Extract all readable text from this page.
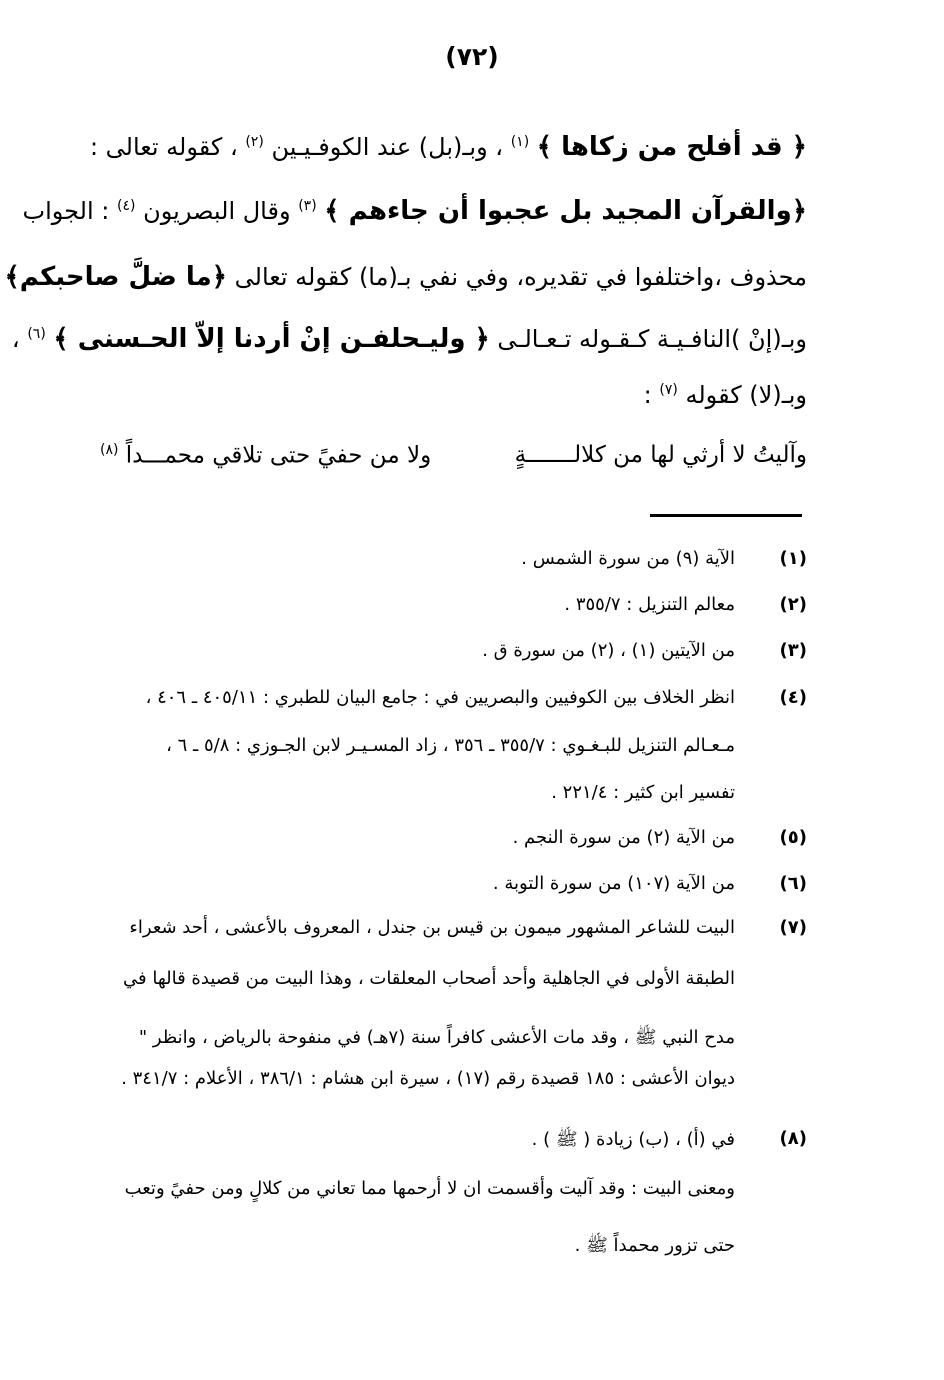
(٧٢)
﴿ قد أفلح من زكاها ﴾ $^{(١)}$ ، وبـ(بل) عند الكوفـيـين $^{(٢)}$ ، كقوله تعالى :
﴿والقرآن المجيد بل عجبوا أن جاءهم ﴾ $^{(٣)}$ وقال البصريون $^{(٤)}$ : الجواب
محذوف ،واختلفوا في تقديره، وفي نفي بـ(ما) كقوله تعالى ﴿ما ضلَّ صاحبكم﴾
وبـ(إنْ )النافـيـة كـقـوله تـعـالـى ﴿ وليـحلفـن إنْ أردنا إلاّ الحـسنى ﴾ $^{(٦)}$ ،
وبـ(لا) كقوله $^{(٧)}$ :
وآليتُ لا أرثي لها من كلالـــــــةٍ
ولا من حفيً حتى تلاقي محمـــداً $^{(٨)}$
(١)
الآية (٩) من سورة الشمس .
(٢)
معالم التنزيل : ٣٥٥/٧ .
(٣)
من الآيتين (١) ، (٢) من سورة ق .
(٤)
انظر الخلاف بين الكوفيين والبصريين في : جامع البيان للطبري : ٤٠٥/١١ ـ ٤٠٦ ،
مـعـالم التنزيل للبـغـوي : ٣٥٥/٧ ـ ٣٥٦ ، زاد المسـيـر لابن الجـوزي : ٥/٨ ـ ٦ ،
تفسير ابن كثير : ٢٢١/٤ .
(٥)
من الآية (٢) من سورة النجم .
(٦)
من الآية (١٠٧) من سورة التوبة .
(٧)
البيت للشاعر المشهور ميمون بن قيس بن جندل ، المعروف بالأعشى ، أحد شعراء
الطبقة الأولى في الجاهلية وأحد أصحاب المعلقات ، وهذا البيت من قصيدة قالها في
مدح النبي ﷺ ، وقد مات الأعشى كافراً سنة (٧هـ) في منفوحة بالرياض ، وانظر "
ديوان الأعشى : ١٨٥ قصيدة رقم (١٧) ، سيرة ابن هشام : ٣٨٦/١ ، الأعلام : ٣٤١/٧ .
(٨)
في (أ) ، (ب) زيادة ( ﷺ ) .
ومعنى البيت : وقد آليت وأقسمت ان لا أرحمها مما تعاني من كلالٍ ومن حفيً وتعب
حتى تزور محمداً ﷺ .
